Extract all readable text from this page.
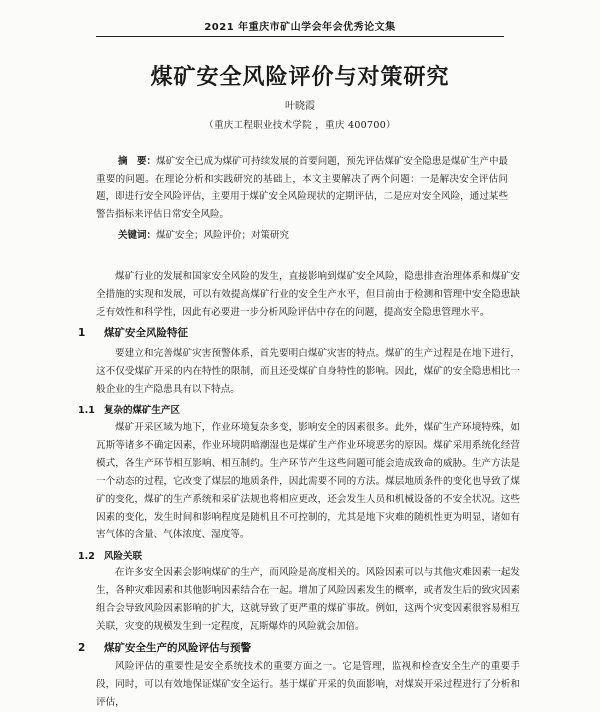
2021 年重庆市矿山学会年会优秀论文集
煤矿安全风险评价与对策研究
叶晓霞
（重庆工程职业技术学院 ，重庆 400700）
摘　要：煤矿安全已成为煤矿可持续发展的首要问题，预先评估煤矿安全隐患是煤矿生产中最重要的问题。在理论分析和实践研究的基础上，本文主要解决了两个问题：一是解决安全评估问题，即进行安全风险评估，主要用于煤矿安全风险现状的定期评估，二是应对安全风险，通过某些警告指标来评估日常安全风险。
关键词：煤矿安全；风险评价；对策研究

煤矿行业的发展和国家安全风险的发生，直接影响到煤矿安全风险，隐患排查治理体系和煤矿安全措施的实现和发展，可以有效提高煤矿行业的安全生产水平，但目前由于检测和管理中安全隐患缺乏有效性和科学性，因此有必要进一步分析风险评估中存在的问题，提高安全隐患管理水平。

1 煤矿安全风险特征

要建立和完善煤矿灾害预警体系，首先要明白煤矿灾害的特点。煤矿的生产过程是在地下进行，这不仅受煤矿开采的内在特性的限制，而且还受煤矿自身特性的影响。因此，煤矿的安全隐患相比一般企业的生产隐患具有以下特点。

1.1 复杂的煤矿生产区

煤矿开采区域为地下，作业环境复杂多变，影响安全的因素很多。此外，煤矿生产环境特殊，如瓦斯等诸多不确定因素，作业环境阴暗潮湿也是煤矿生产作业环境恶劣的原因。煤矿采用系统化经营模式，各生产环节相互影响、相互制约。生产环节产生这些问题可能会造成致命的威胁。生产方法是一个动态的过程，它改变了煤层的地质条件，因此需要不同的方法。煤层地质条件的变化也导致了煤矿的变化，煤矿的生产系统和采矿法规也将相应更改，还会发生人员和机械设备的不安全状况。这些因素的变化，发生时间和影响程度是随机且不可控制的，尤其是地下灾难的随机性更为明显，诸如有害气体的含量、气体浓度、湿度等。

1.2 风险关联

在许多安全因素会影响煤矿的生产，而风险是高度相关的。风险因素可以与其他灾难因素一起发生，各种灾难因素和其他影响因素结合在一起。增加了风险因素发生的概率，或者发生后的致灾因素组合会导致风险因素影响的扩大，这就导致了更严重的煤矿事故。例如，这两个灾变因素很容易相互关联，灾变的规模发生到一定程度，瓦斯爆炸的风险就会加倍。

2 煤矿安全生产的风险评估与预警

风险评估的重要性是安全系统技术的重要方面之一。它是管理，监视和检查安全生产的重要手段，同时，可以有效地保证煤矿安全运行。基于煤矿开采的负面影响，对煤炭开采过程进行了分析和评估，
